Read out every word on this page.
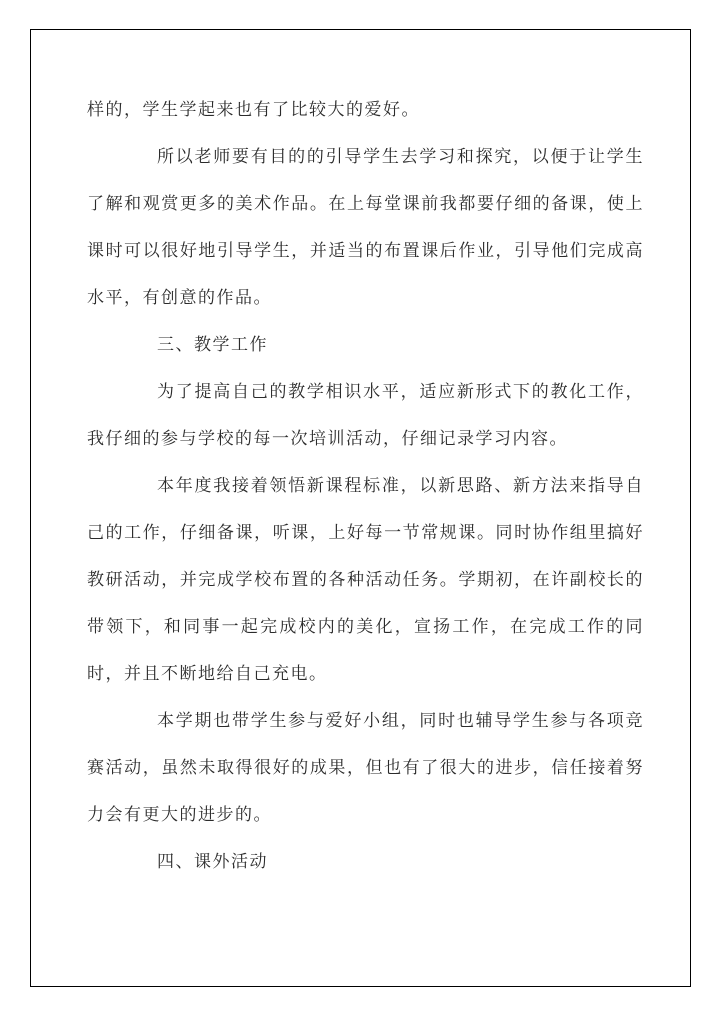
样的，学生学起来也有了比较大的爱好。

所以老师要有目的的引导学生去学习和探究，以便于让学生了解和观赏更多的美术作品。在上每堂课前我都要仔细的备课，使上课时可以很好地引导学生，并适当的布置课后作业，引导他们完成高水平，有创意的作品。

三、教学工作

为了提高自己的教学相识水平，适应新形式下的教化工作，我仔细的参与学校的每一次培训活动，仔细记录学习内容。

本年度我接着领悟新课程标准，以新思路、新方法来指导自己的工作，仔细备课，听课，上好每一节常规课。同时协作组里搞好教研活动，并完成学校布置的各种活动任务。学期初，在许副校长的带领下，和同事一起完成校内的美化，宣扬工作，在完成工作的同时，并且不断地给自己充电。

本学期也带学生参与爱好小组，同时也辅导学生参与各项竞赛活动，虽然未取得很好的成果，但也有了很大的进步，信任接着努力会有更大的进步的。

四、课外活动
